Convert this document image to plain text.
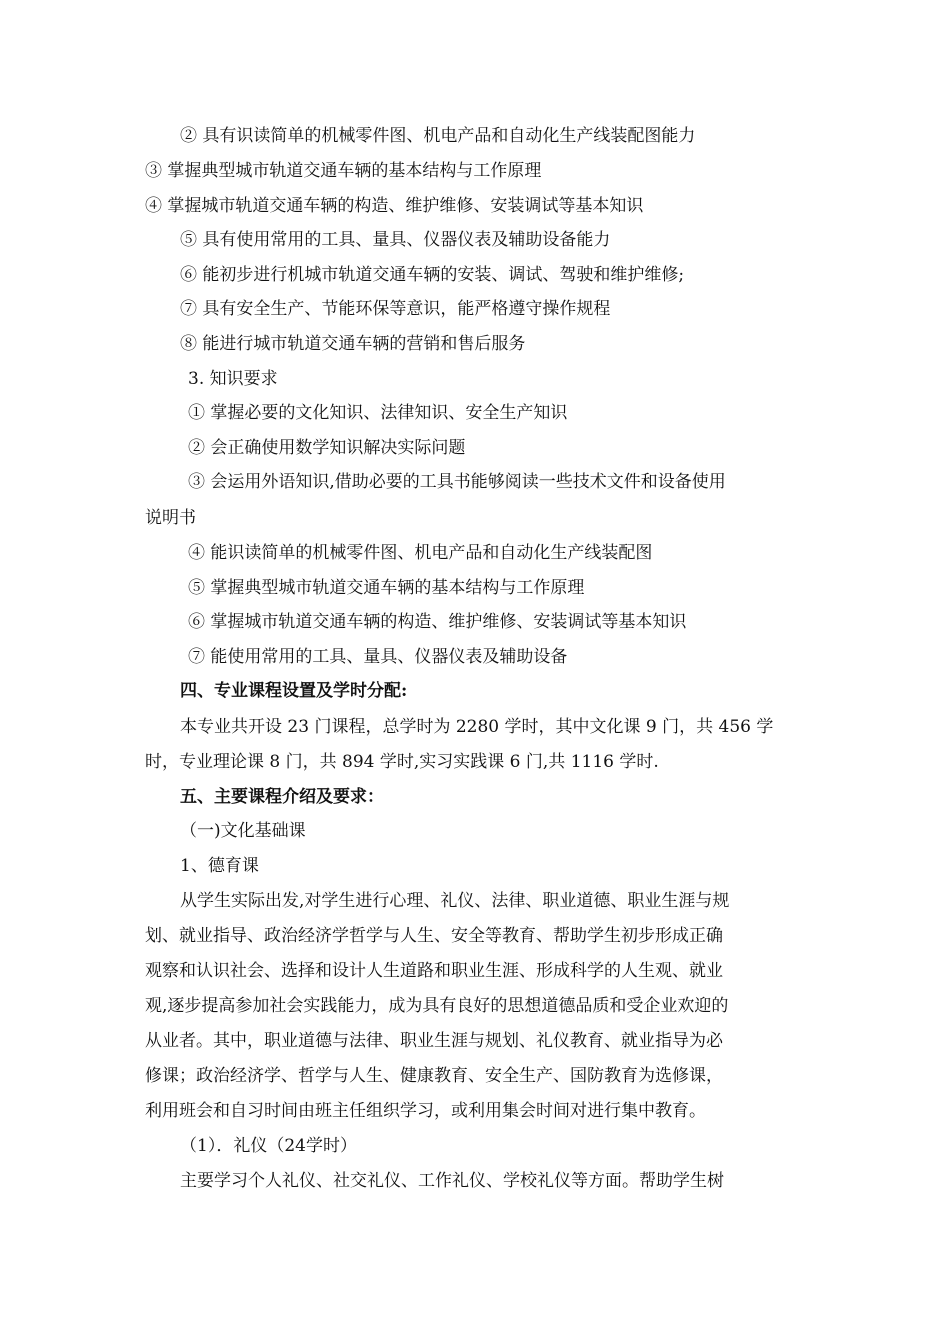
② 具有识读简单的机械零件图、机电产品和自动化生产线装配图能力
③ 掌握典型城市轨道交通车辆的基本结构与工作原理
④ 掌握城市轨道交通车辆的构造、维护维修、安装调试等基本知识
⑤ 具有使用常用的工具、量具、仪器仪表及辅助设备能力
⑥ 能初步进行机城市轨道交通车辆的安装、调试、驾驶和维护维修;
⑦ 具有安全生产、节能环保等意识，能严格遵守操作规程
⑧ 能进行城市轨道交通车辆的营销和售后服务
3. 知识要求
① 掌握必要的文化知识、法律知识、安全生产知识
② 会正确使用数学知识解决实际问题
③ 会运用外语知识,借助必要的工具书能够阅读一些技术文件和设备使用
说明书
④ 能识读简单的机械零件图、机电产品和自动化生产线装配图
⑤ 掌握典型城市轨道交通车辆的基本结构与工作原理
⑥ 掌握城市轨道交通车辆的构造、维护维修、安装调试等基本知识
⑦ 能使用常用的工具、量具、仪器仪表及辅助设备
四、专业课程设置及学时分配:
本专业共开设 23 门课程，总学时为 2280 学时，其中文化课 9 门，共 456 学
时，专业理论课 8 门，共 894 学时,实习实践课 6 门,共 1116 学时.
五、主要课程介绍及要求：
（一)文化基础课
1、德育课
从学生实际出发,对学生进行心理、礼仪、法律、职业道德、职业生涯与规
划、就业指导、政治经济学哲学与人生、安全等教育、帮助学生初步形成正确
观察和认识社会、选择和设计人生道路和职业生涯、形成科学的人生观、就业
观,逐步提高参加社会实践能力，成为具有良好的思想道德品质和受企业欢迎的
从业者。其中，职业道德与法律、职业生涯与规划、礼仪教育、就业指导为必
修课；政治经济学、哲学与人生、健康教育、安全生产、国防教育为选修课，
利用班会和自习时间由班主任组织学习，或利用集会时间对进行集中教育。
（1）．礼仪（24学时）
主要学习个人礼仪、社交礼仪、工作礼仪、学校礼仪等方面。帮助学生树
